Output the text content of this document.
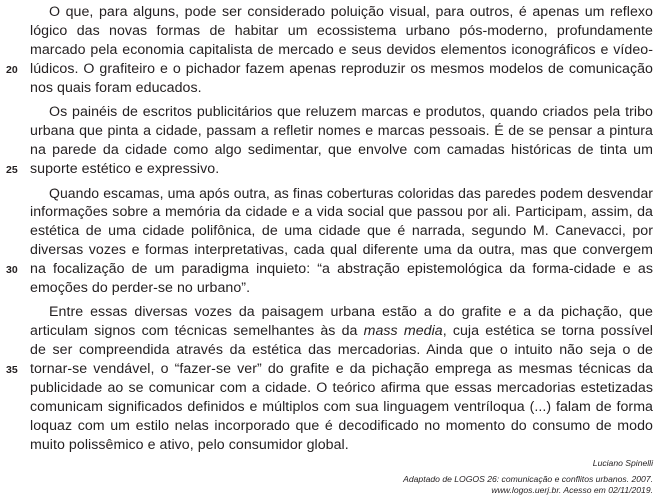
O que, para alguns, pode ser considerado poluição visual, para outros, é apenas um reflexo
lógico das novas formas de habitar um ecossistema urbano pós-moderno, profundamente
marcado pela economia capitalista de mercado e seus devidos elementos iconográficos e vídeo-
20 lúdicos. O grafiteiro e o pichador fazem apenas reproduzir os mesmos modelos de comunicação
nos quais foram educados.
Os painéis de escritos publicitários que reluzem marcas e produtos, quando criados pela tribo
urbana que pinta a cidade, passam a refletir nomes e marcas pessoais. É de se pensar a pintura
na parede da cidade como algo sedimentar, que envolve com camadas históricas de tinta um
25 suporte estético e expressivo.
Quando escamas, uma após outra, as finas coberturas coloridas das paredes podem desvendar
informações sobre a memória da cidade e a vida social que passou por ali. Participam, assim, da
estética de uma cidade polifônica, de uma cidade que é narrada, segundo M. Canevacci, por
diversas vozes e formas interpretativas, cada qual diferente uma da outra, mas que convergem
30 na focalização de um paradigma inquieto: “a abstração epistemológica da forma-cidade e as
emoções do perder-se no urbano”.
Entre essas diversas vozes da paisagem urbana estão a do grafite e a da pichação, que
articulam signos com técnicas semelhantes às da mass media, cuja estética se torna possível
de ser compreendida através da estética das mercadorias. Ainda que o intuito não seja o de
35 tornar-se vendável, o “fazer-se ver” do grafite e da pichação emprega as mesmas técnicas da
publicidade ao se comunicar com a cidade. O teórico afirma que essas mercadorias estetizadas
comunicam significados definidos e múltiplos com sua linguagem ventríloqua (...) falam de forma
loquaz com um estilo nelas incorporado que é decodificado no momento do consumo de modo
muito polissêmico e ativo, pelo consumidor global.
Luciano Spinelli
Adaptado de LOGOS 26: comunicação e conflitos urbanos. 2007.
www.logos.uerj.br. Acesso em 02/11/2019.
